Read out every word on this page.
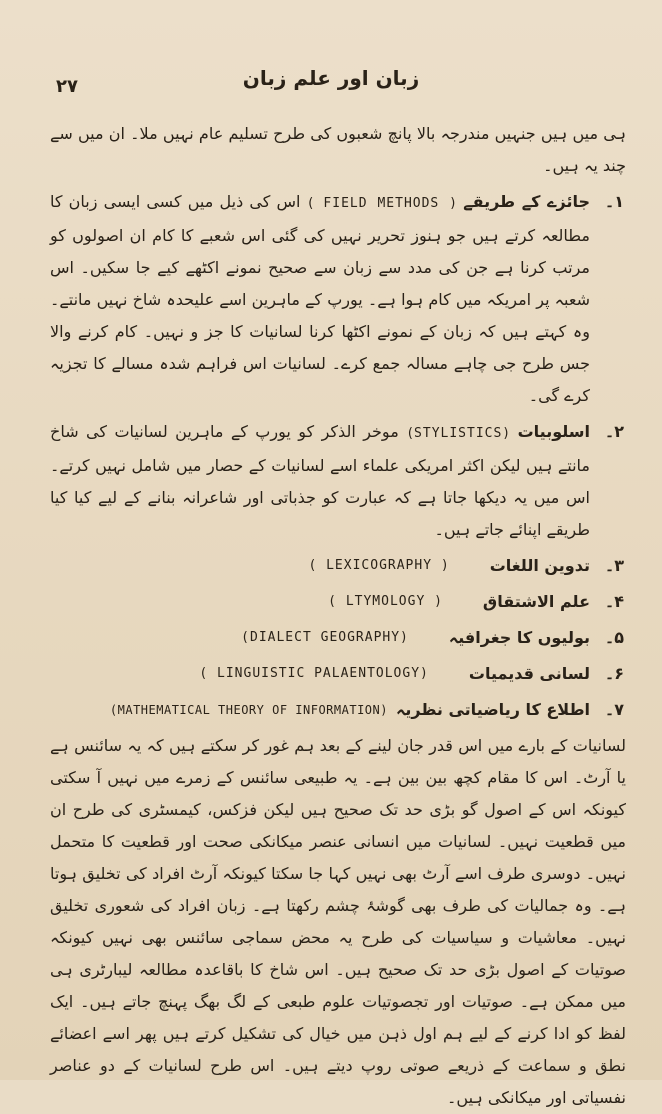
۲۷	زبان اور علم زبان

ہی میں ہیں جنہیں مندرجہ بالا پانچ شعبوں کی طرح تسلیم عام نہیں ملا۔ ان میں سے چند یہ ہیں۔

۱۔
جائزے کے طریقے ( FIELD METHODS ) اس کی ذیل میں کسی ایسی زبان کا مطالعہ کرتے ہیں جو ہنوز تحریر نہیں کی گئی اس شعبے کا کام ان اصولوں کو مرتب کرنا ہے جن کی مدد سے زبان سے صحیح نمونے اکٹھے کیے جا سکیں۔ اس شعبہ پر امریکہ میں کام ہوا ہے۔ یورپ کے ماہرین اسے علیحدہ شاخ نہیں مانتے۔ وہ کہتے ہیں کہ زبان کے نمونے اکٹھا کرنا لسانیات کا جز و نہیں۔ کام کرنے والا جس طرح جی چاہے مسالہ جمع کرے۔ لسانیات اس فراہم شدہ مسالے کا تجزیہ کرے گی۔
۲۔
اسلوبیات (STYLISTICS) موخر الذکر کو یورپ کے ماہرین لسانیات کی شاخ مانتے ہیں لیکن اکثر امریکی علماء اسے لسانیات کے حصار میں شامل نہیں کرتے۔ اس میں یہ دیکھا جاتا ہے کہ عبارت کو جذباتی اور شاعرانہ بنانے کے لیے کیا کیا طریقے اپنائے جاتے ہیں۔
۳۔
تدوین اللغات
( LEXICOGRAPHY )
۴۔
علم الاشتقاق
( LTYMOLOGY )
۵۔
بولیوں کا جغرافیہ
(DIALECT GEOGRAPHY)
۶۔
لسانی قدیمیات
( LINGUISTIC PALAENTOLOGY)
۷۔
اطلاع کا ریاضیاتی نظریہ
(MATHEMATICAL THEORY OF INFORMATION)

لسانیات کے بارے میں اس قدر جان لینے کے بعد ہم غور کر سکتے ہیں کہ یہ سائنس ہے یا آرٹ۔ اس کا مقام کچھ بین بین ہے۔ یہ طبیعی سائنس کے زمرے میں نہیں آ سکتی کیونکہ اس کے اصول گو بڑی حد تک صحیح ہیں لیکن فزکس، کیمسٹری کی طرح ان میں قطعیت نہیں۔ لسانیات میں انسانی عنصر میکانکی صحت اور قطعیت کا متحمل نہیں۔ دوسری طرف اسے آرٹ بھی نہیں کہا جا سکتا کیونکہ آرٹ افراد کی تخلیق ہوتا ہے۔ وہ جمالیات کی طرف بھی گوشۂ چشم رکھتا ہے۔ زبان افراد کی شعوری تخلیق نہیں۔ معاشیات و سیاسیات کی طرح یہ محض سماجی سائنس بھی نہیں کیونکہ صوتیات کے اصول بڑی حد تک صحیح ہیں۔ اس شاخ کا باقاعدہ مطالعہ لیبارٹری ہی میں ممکن ہے۔ صوتیات اور تجصوتیات علوم طبعی کے لگ بھگ پہنچ جاتے ہیں۔ ایک لفظ کو ادا کرنے کے لیے ہم اول ذہن میں خیال کی تشکیل کرتے ہیں پھر اسے اعضائے نطق و سماعت کے ذریعے صوتی روپ دیتے ہیں۔ اس طرح لسانیات کے دو عناصر نفسیاتی اور میکانکی ہیں۔
